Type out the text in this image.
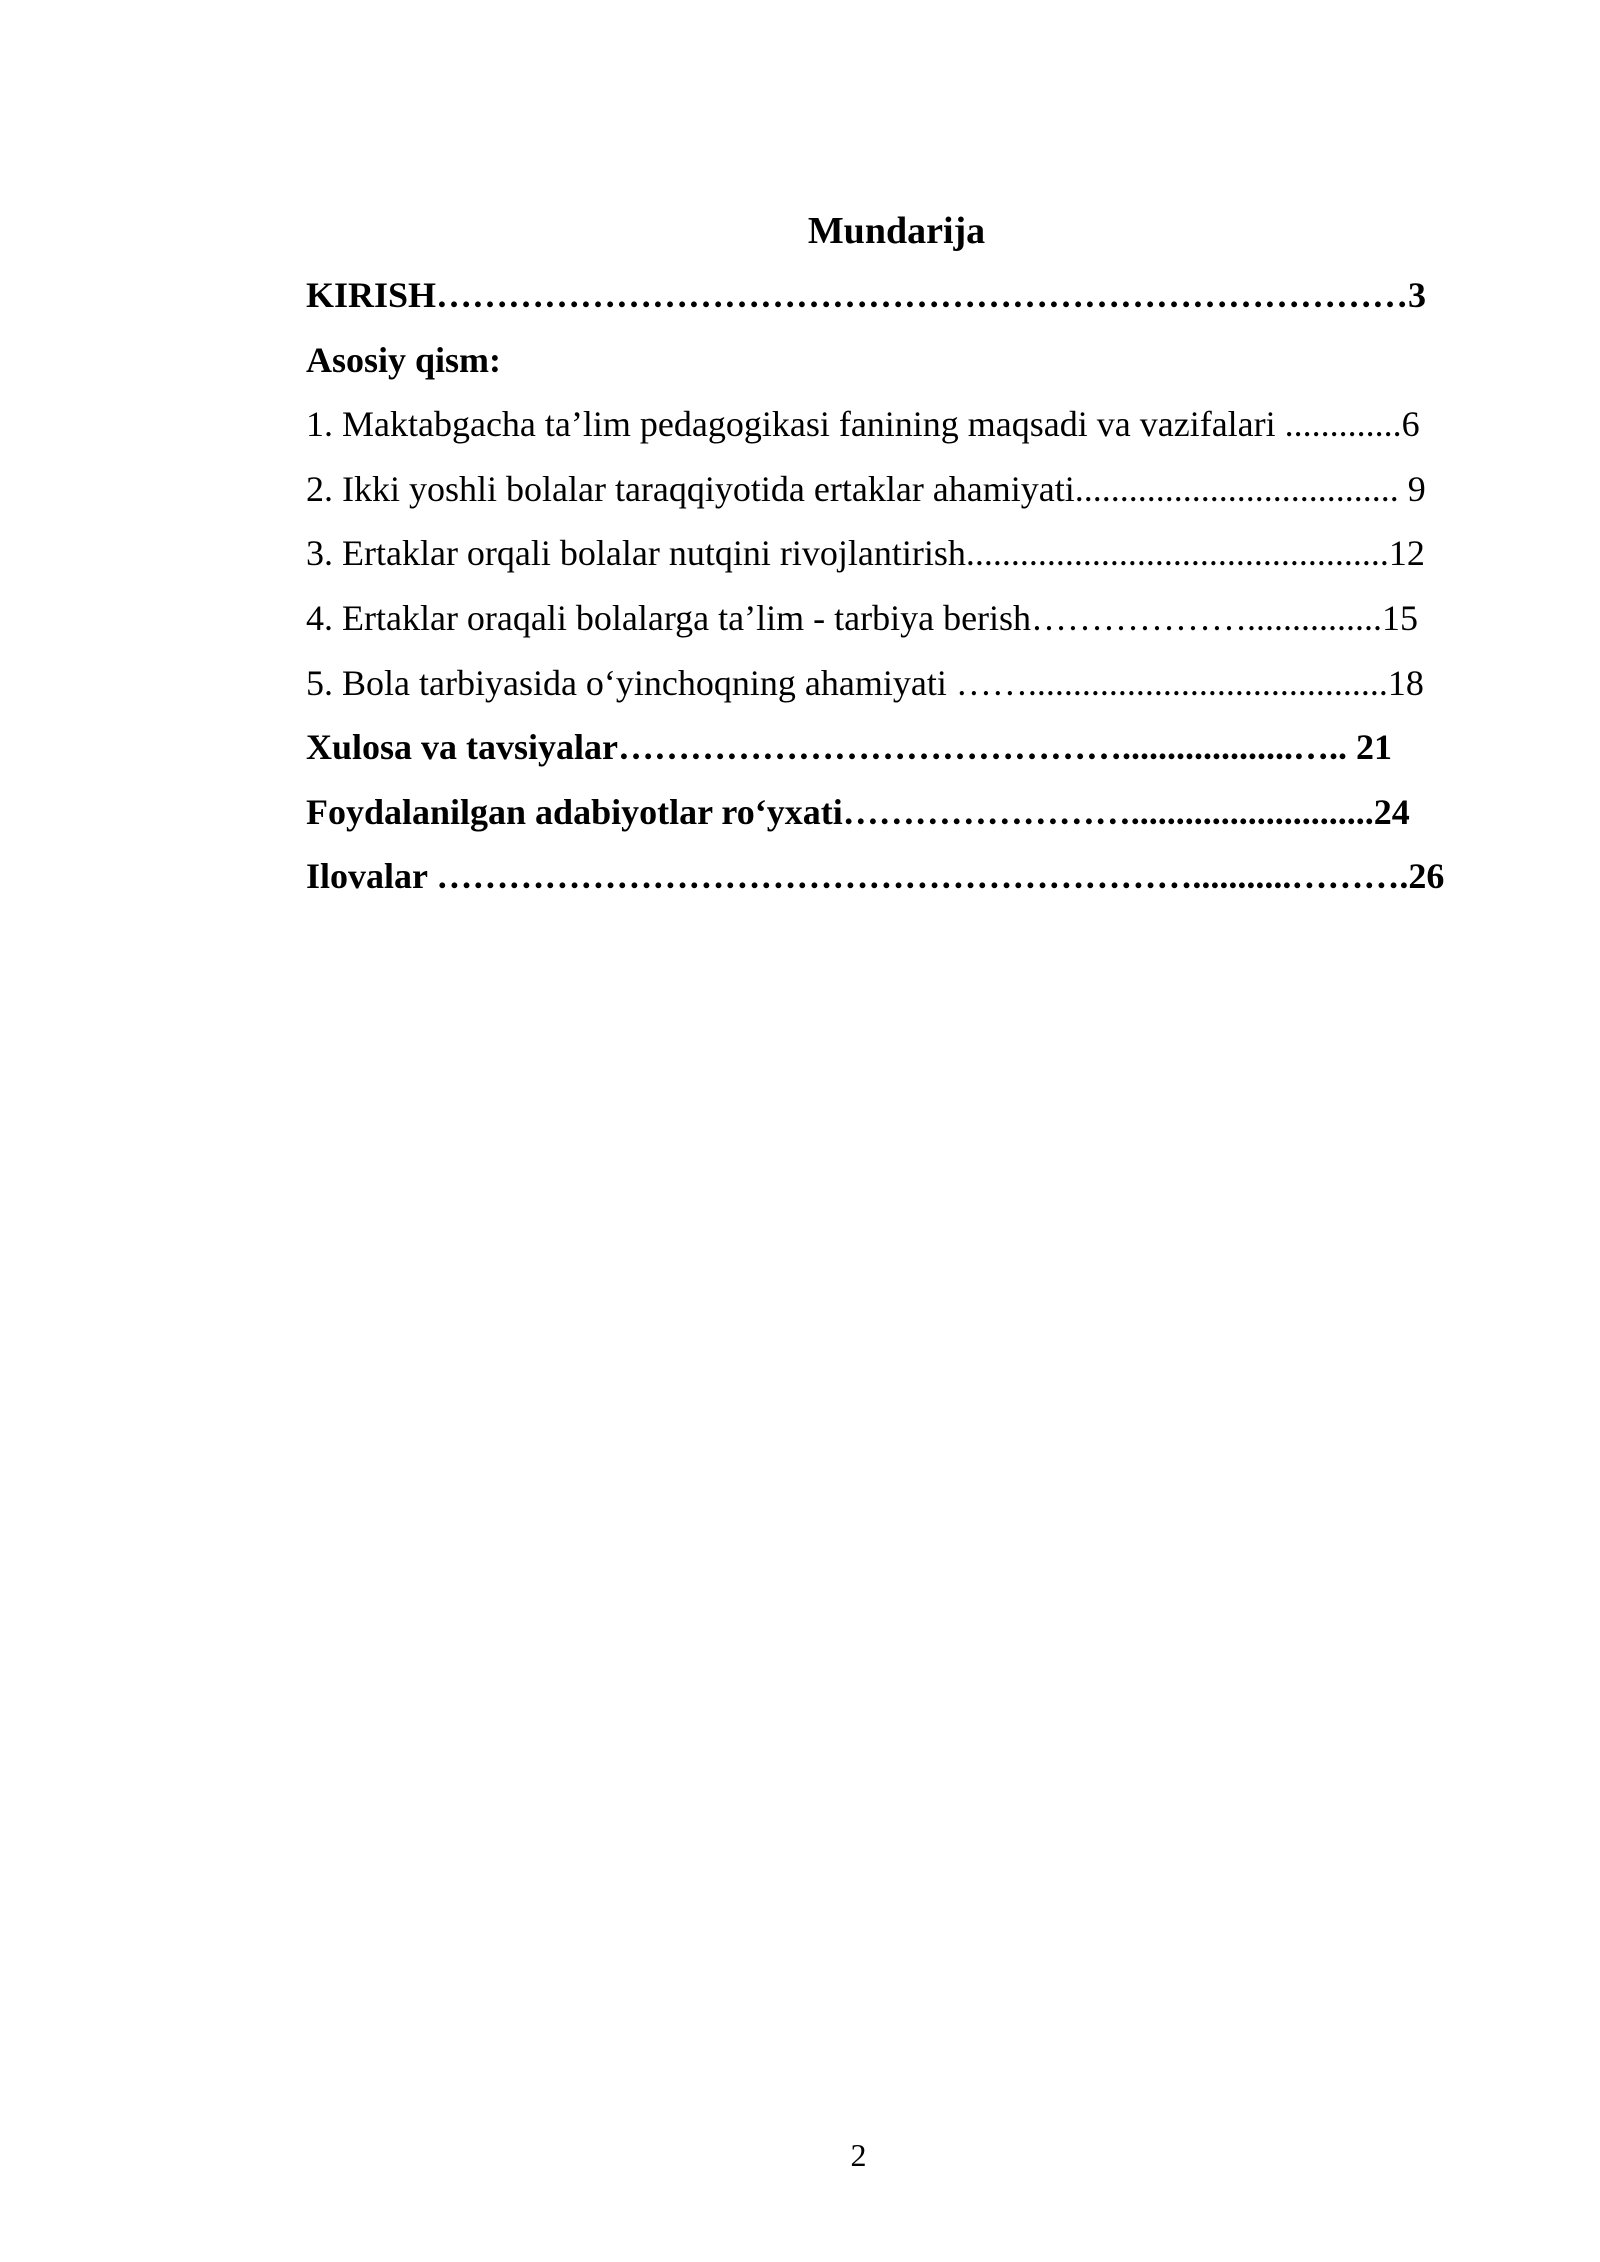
Mundarija
KIRISH………………………………………………………………………3
Asosiy qism:
1. Maktabgacha ta’lim pedagogikasi fanining maqsadi va vazifalari .............6
2. Ikki yoshli bolalar taraqqiyotida ertaklar ahamiyati.................................... 9
3. Ertaklar orqali bolalar nutqini rivojlantirish...............................................12
4. Ertaklar oraqali bolalarga ta’lim - tarbiya berish………………...............15
5. Bola tarbiyasida o‘yinchoqning ahamiyati ……........................................18
Xulosa va tavsiyalar……………………………………...................….. 21
Foydalanilgan adabiyotlar ro‘yxati……………………...........................24
Ilovalar ………………………………………………………...........……….26
2
